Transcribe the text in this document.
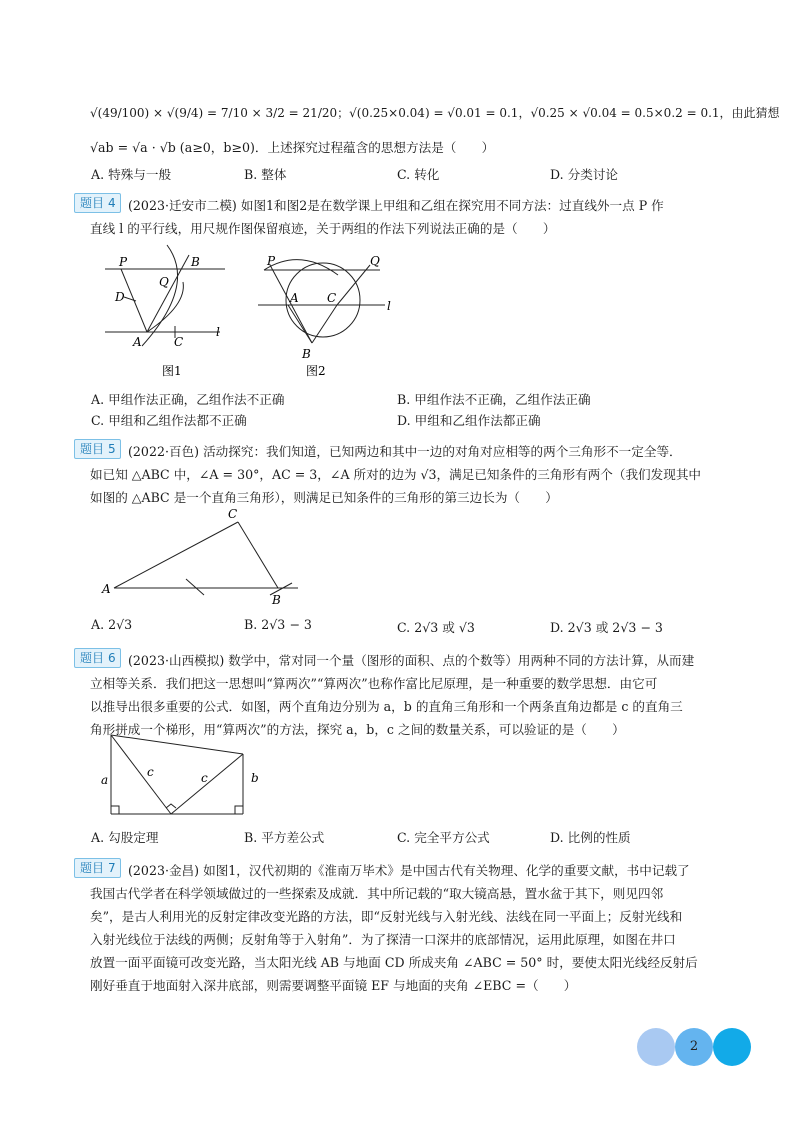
√(49/100) × √(9/4) = 7/10 × 3/2 = 21/20；√(0.25×0.04) = √0.01 = 0.1，√0.25 × √0.04 = 0.5×0.2 = 0.1，由此猜想
√ab = √a · √b (a≥0，b≥0)．上述探究过程蕴含的思想方法是（　　）
A. 特殊与一般	B. 整体	C. 转化	D. 分类讨论
题目 4 (2023·迁安市二模) 如图1和图2是在数学课上甲组和乙组在探究用不同方法：过直线外一点 P 作
直线 l 的平行线，用尺规作图保留痕迹，关于两组的作法下列说法正确的是（　　）
P	B
Q
D
A	C
l
图1
P	Q
A C
l
B
图2
A. 甲组作法正确，乙组作法不正确	B. 甲组作法不正确，乙组作法正确
C. 甲组和乙组作法都不正确	D. 甲组和乙组作法都正确
题目 5 (2022·百色) 活动探究：我们知道，已知两边和其中一边的对角对应相等的两个三角形不一定全等．
如已知 △ABC 中，∠A = 30°，AC = 3，∠A 所对的边为 √3，满足已知条件的三角形有两个（我们发现其中
如图的 △ABC 是一个直角三角形），则满足已知条件的三角形的第三边长为（　　）
C
A
B
A. 2√3	B. 2√3 − 3	C. 2√3 或 √3	D. 2√3 或 2√3 − 3
题目 6 (2023·山西模拟) 数学中，常对同一个量（图形的面积、点的个数等）用两种不同的方法计算，从而建
立相等关系．我们把这一思想叫“算两次”“算两次”也称作富比尼原理，是一种重要的数学思想．由它可
以推导出很多重要的公式．如图，两个直角边分别为 a，b 的直角三角形和一个两条直角边都是 c 的直角三
角形拼成一个梯形，用“算两次”的方法，探究 a，b，c 之间的数量关系，可以验证的是（　　）
a
c	c	b
A. 勾股定理	B. 平方差公式	C. 完全平方公式	D. 比例的性质
题目 7 (2023·金昌) 如图1，汉代初期的《淮南万毕术》是中国古代有关物理、化学的重要文献，书中记载了
我国古代学者在科学领域做过的一些探索及成就．其中所记载的“取大镜高悬，置水盆于其下，则见四邻
矣”，是古人利用光的反射定律改变光路的方法，即“反射光线与入射光线、法线在同一平面上；反射光线和
入射光线位于法线的两侧；反射角等于入射角”．为了探清一口深井的底部情况，运用此原理，如图在井口
放置一面平面镜可改变光路，当太阳光线 AB 与地面 CD 所成夹角 ∠ABC = 50° 时，要使太阳光线经反射后
刚好垂直于地面射入深井底部，则需要调整平面镜 EF 与地面的夹角 ∠EBC =（　　）
2
